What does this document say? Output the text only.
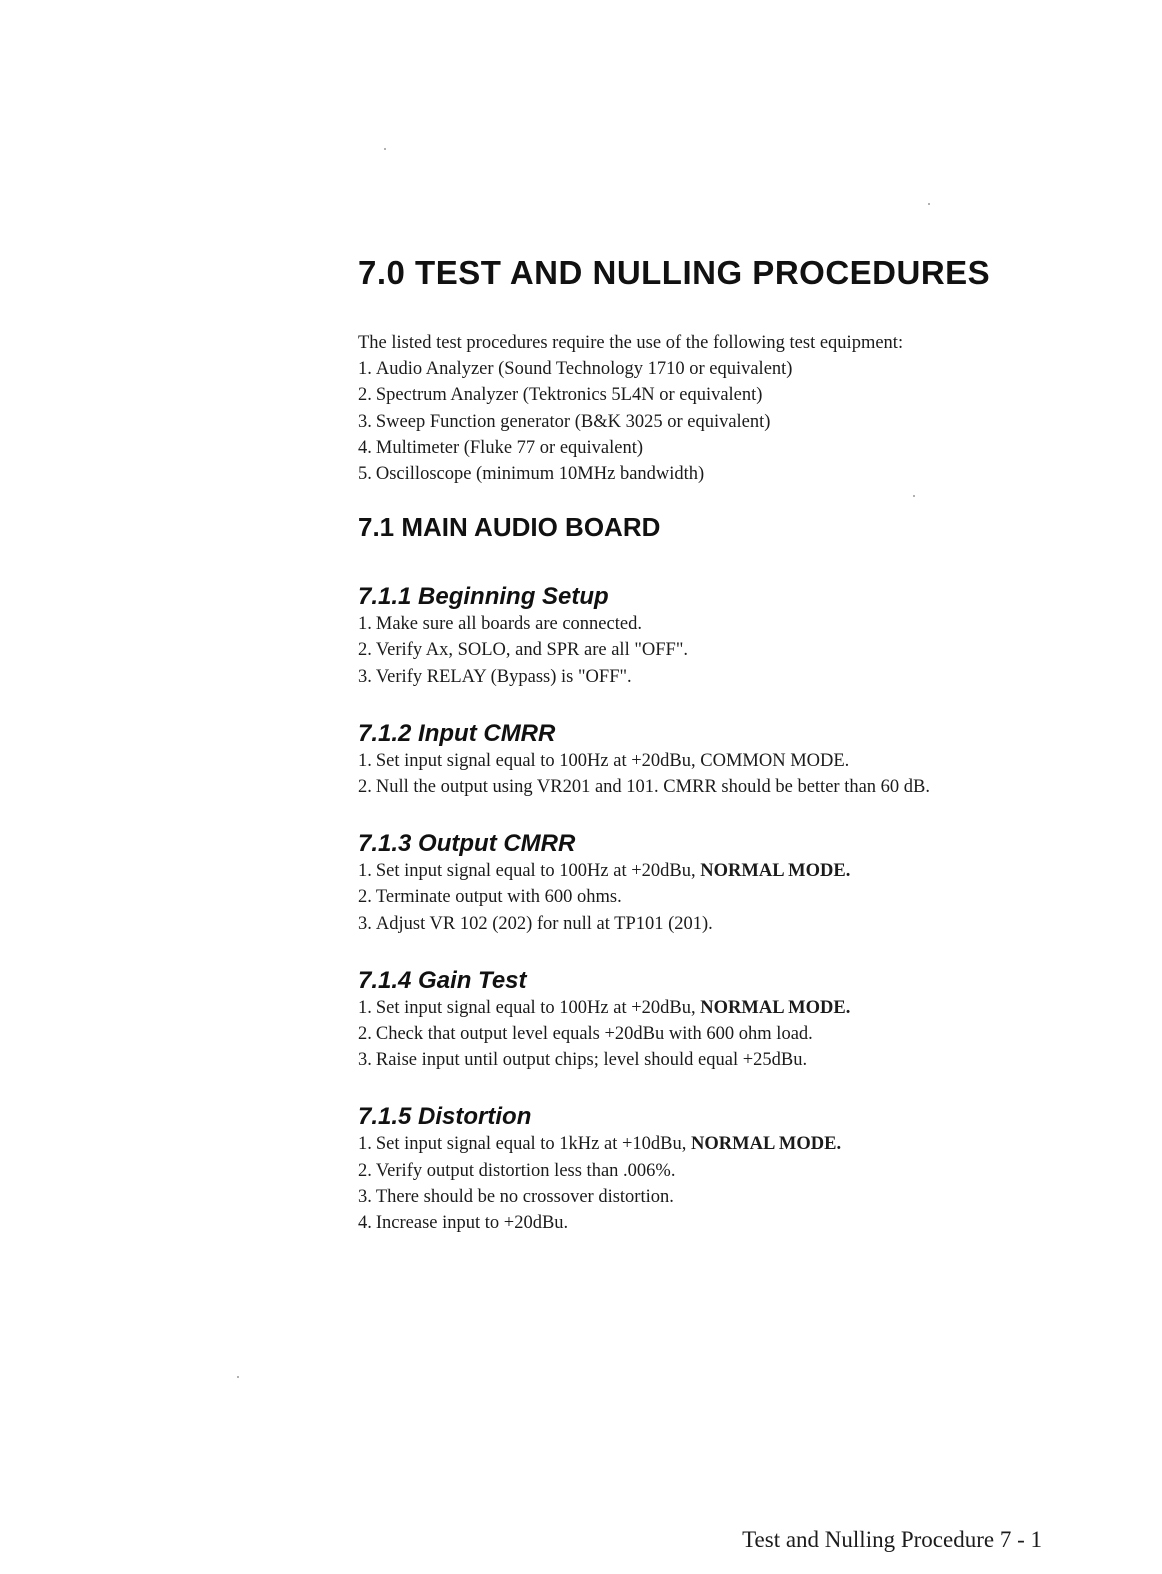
7.0 TEST AND NULLING PROCEDURES

The listed test procedures require the use of the following test equipment:

1. Audio Analyzer (Sound Technology 1710 or equivalent)
2. Spectrum Analyzer (Tektronics 5L4N or equivalent)
3. Sweep Function generator (B&K 3025 or equivalent)
4. Multimeter (Fluke 77 or equivalent)
5. Oscilloscope (minimum 10MHz bandwidth)
7.1 MAIN AUDIO BOARD
7.1.1 Beginning Setup
1. Make sure all boards are connected.
2. Verify Ax, SOLO, and SPR are all "OFF".
3. Verify RELAY (Bypass) is "OFF".
7.1.2 Input CMRR
1. Set input signal equal to 100Hz at +20dBu, COMMON MODE.
2. Null the output using VR201 and 101. CMRR should be better than 60 dB.
7.1.3 Output CMRR
1. Set input signal equal to 100Hz at +20dBu, NORMAL MODE.
2. Terminate output with 600 ohms.
3. Adjust VR 102 (202) for null at TP101 (201).
7.1.4 Gain Test
1. Set input signal equal to 100Hz at +20dBu, NORMAL MODE.
2. Check that output level equals +20dBu with 600 ohm load.
3. Raise input until output chips; level should equal +25dBu.
7.1.5 Distortion
1. Set input signal equal to 1kHz at +10dBu, NORMAL MODE.
2. Verify output distortion less than .006%.
3. There should be no crossover distortion.
4. Increase input to +20dBu.
Test and Nulling Procedure 7 - 1
